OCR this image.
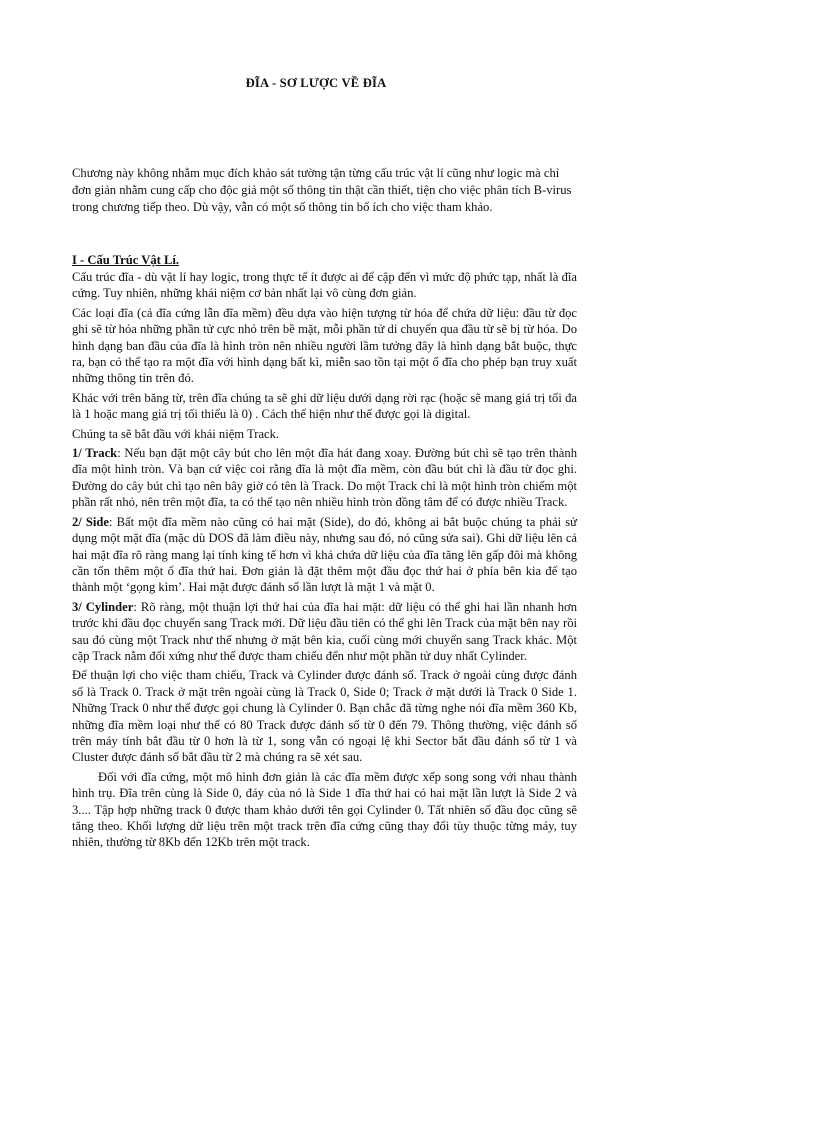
ĐĨA - SƠ LƯỢC VỀ ĐĨA

Chương này không nhằm mục đích khảo sát tường tận từng cấu trúc vật lí cũng như logic mà chỉ đơn giản nhằm cung cấp cho độc giả một số thông tin thật cần thiết, tiện cho việc phân tích B-virus trong chương tiếp theo. Dù vậy, vẫn có một số thông tin bổ ích cho việc tham khảo.

I - Cấu Trúc Vật Lí.

Cấu trúc đĩa - dù vật lí hay logic, trong thực tế ít được ai để cập đến vì mức độ phức tạp, nhất là đĩa cứng. Tuy nhiên, những khái niệm cơ bản nhất lại vô cùng đơn giản.

Các loại đĩa (cả đĩa cứng lẫn đĩa mềm) đều dựa vào hiện tượng từ hóa để chứa dữ liệu: đầu từ đọc ghi sẽ từ hóa những phần tử cực nhỏ trên bề mặt, mỗi phần tử di chuyển qua đầu từ sẽ bị từ hóa. Do hình dạng ban đầu của đĩa là hình tròn nên nhiều người lầm tưởng đây là hình dạng bắt buộc, thực ra, bạn có thể tạo ra một đĩa với hình dạng bất kì, miễn sao tồn tại một ổ đĩa cho phép bạn truy xuất những thông tin trên đó.

Khác với trên băng từ, trên đĩa chúng ta sẽ ghi dữ liệu dưới dạng rời rạc (hoặc sẽ mang giá trị tối đa là 1 hoặc mang giá trị tối thiểu là 0) . Cách thể hiện như thế được gọi là digital.

Chúng ta sẽ bắt đầu với khái niệm Track.

1/ Track: Nếu bạn đặt một cây bút cho lên một đĩa hát đang xoay. Đường bút chì sẽ tạo trên thành đĩa một hình tròn. Và bạn cứ việc coi rằng đĩa là một đĩa mềm, còn đầu bút chì là đầu từ đọc ghi. Đường do cây bút chì tạo nên bây giờ có tên là Track. Do một Track chỉ là một hình tròn chiếm một phần rất nhỏ, nên trên một đĩa, ta có thể tạo nên nhiều hình tròn đồng tâm để có được nhiều Track.

2/ Side: Bất một đĩa mềm nào cũng có hai mặt (Side), do đó, không ai bắt buộc chúng ta phải sử dụng một mặt đĩa (mặc dù DOS đã làm điều này, nhưng sau đó, nó cũng sửa sai). Ghi dữ liệu lên cả hai mặt đĩa rõ ràng mang lại tính king tế hơn vì khả chứa dữ liệu của đĩa tăng lên gấp đôi mà không cần tốn thêm một ổ đĩa thứ hai. Đơn giản là đặt thêm một đầu đọc thứ hai ở phía bên kia để tạo thành một ‘gọng kìm’. Hai mặt được đánh số lần lượt là mặt 1 và mặt 0.

3/ Cylinder: Rõ ràng, một thuận lợi thứ hai của đĩa hai mặt: dữ liệu có thể ghi hai lần nhanh hơn trước khi đầu đọc chuyển sang Track mới. Dữ liệu đầu tiên có thể ghi lên Track của mặt bên nay rồi sau đó cùng một Track như thế nhưng ở mặt bên kia, cuối cùng mới chuyển sang Track khác. Một cặp Track nằm đối xứng như thế được tham chiếu đến như một phần tử duy nhất Cylinder.

Để thuận lợi cho việc tham chiếu, Track và Cylinder được đánh số. Track ở ngoài cùng được đánh số là Track 0. Track ở mặt trên ngoài cùng là Track 0, Side 0; Track ở mặt dưới là Track 0 Side 1. Những Track 0 như thế được gọi chung là Cylinder 0. Bạn chắc đã từng nghe nói đĩa mềm 360 Kb, những đĩa mềm loại như thế có 80 Track được đánh số từ 0 đến 79. Thông thường, việc đánh số trên máy tính bắt đầu từ 0 hơn là từ 1, song vẫn có ngoại lệ khi Sector bắt đầu đánh số từ 1 và Cluster được đánh số bắt đầu từ 2 mà chúng ra sẽ xét sau.

Đối với đĩa cứng, một mô hình đơn giản là các đĩa mềm được xếp song song với nhau thành hình trụ. Đĩa trên cùng là Side 0, đáy của nó là Side 1 đĩa thứ hai có hai mặt lần lượt là Side 2 và 3.... Tập hợp những track 0 được tham khảo dưới tên gọi Cylinder 0. Tất nhiên số đầu đọc cũng sẽ tăng theo. Khối lượng dữ liệu trên một track trên đĩa cứng cũng thay đổi tùy thuộc từng máy, tuy nhiên, thường từ 8Kb đến 12Kb trên một track.
